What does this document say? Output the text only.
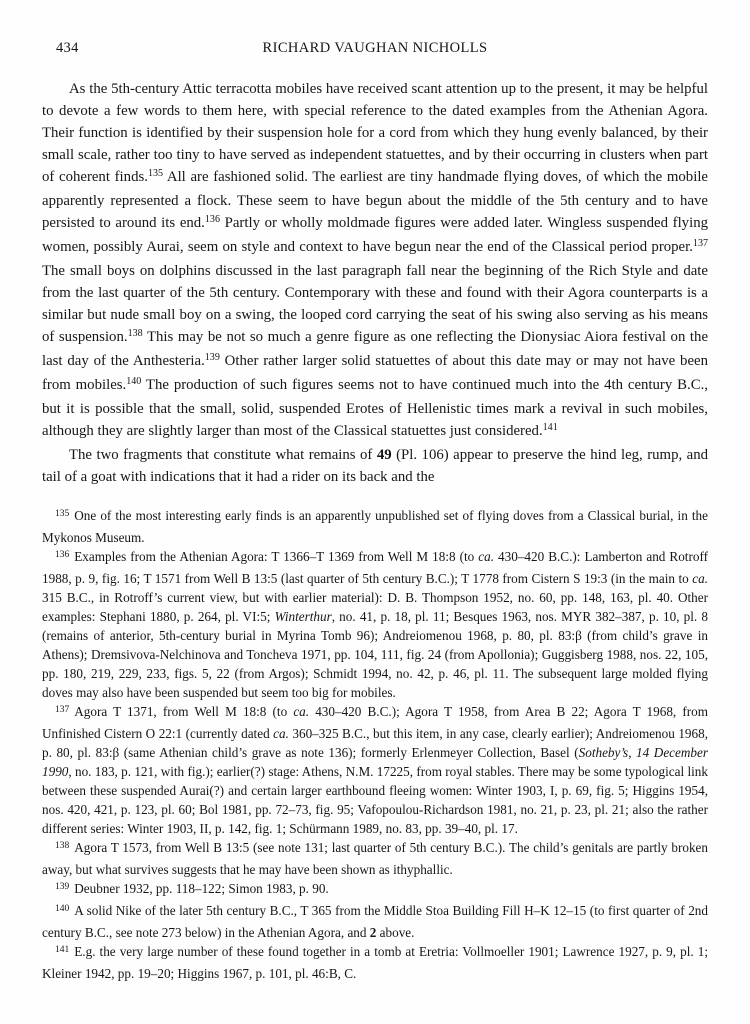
434	RICHARD VAUGHAN NICHOLLS

As the 5th-century Attic terracotta mobiles have received scant attention up to the present, it may be helpful to devote a few words to them here, with special reference to the dated examples from the Athenian Agora. Their function is identified by their suspension hole for a cord from which they hung evenly balanced, by their small scale, rather too tiny to have served as independent statuettes, and by their occurring in clusters when part of coherent finds.$^{135}$ All are fashioned solid. The earliest are tiny handmade flying doves, of which the mobile apparently represented a flock. These seem to have begun about the middle of the 5th century and to have persisted to around its end.$^{136}$ Partly or wholly moldmade figures were added later. Wingless suspended flying women, possibly Aurai, seem on style and context to have begun near the end of the Classical period proper.$^{137}$ The small boys on dolphins discussed in the last paragraph fall near the beginning of the Rich Style and date from the last quarter of the 5th century. Contemporary with these and found with their Agora counterparts is a similar but nude small boy on a swing, the looped cord carrying the seat of his swing also serving as his means of suspension.$^{138}$ This may be not so much a genre figure as one reflecting the Dionysiac Aiora festival on the last day of the Anthesteria.$^{139}$ Other rather larger solid statuettes of about this date may or may not have been from mobiles.$^{140}$ The production of such figures seems not to have continued much into the 4th century B.C., but it is possible that the small, solid, suspended Erotes of Hellenistic times mark a revival in such mobiles, although they are slightly larger than most of the Classical statuettes just considered.$^{141}$

The two fragments that constitute what remains of 49 (Pl. 106) appear to preserve the hind leg, rump, and tail of a goat with indications that it had a rider on its back and the

$^{135}$ One of the most interesting early finds is an apparently unpublished set of flying doves from a Classical burial, in the Mykonos Museum.

$^{136}$ Examples from the Athenian Agora: T 1366–T 1369 from Well M 18:8 (to ca. 430–420 B.C.): Lamberton and Rotroff 1988, p. 9, fig. 16; T 1571 from Well B 13:5 (last quarter of 5th century B.C.); T 1778 from Cistern S 19:3 (in the main to ca. 315 B.C., in Rotroff’s current view, but with earlier material): D. B. Thompson 1952, no. 60, pp. 148, 163, pl. 40. Other examples: Stephani 1880, p. 264, pl. VI:5; Winterthur, no. 41, p. 18, pl. 11; Besques 1963, nos. MYR 382–387, p. 10, pl. 8 (remains of anterior, 5th-century burial in Myrina Tomb 96); Andreiomenou 1968, p. 80, pl. 83:β (from child’s grave in Athens); Dremsivova-Nelchinova and Toncheva 1971, pp. 104, 111, fig. 24 (from Apollonia); Guggisberg 1988, nos. 22, 105, pp. 180, 219, 229, 233, figs. 5, 22 (from Argos); Schmidt 1994, no. 42, p. 46, pl. 11. The subsequent large molded flying doves may also have been suspended but seem too big for mobiles.

$^{137}$ Agora T 1371, from Well M 18:8 (to ca. 430–420 B.C.); Agora T 1958, from Area B 22; Agora T 1968, from Unfinished Cistern O 22:1 (currently dated ca. 360–325 B.C., but this item, in any case, clearly earlier); Andreiomenou 1968, p. 80, pl. 83:β (same Athenian child’s grave as note 136); formerly Erlenmeyer Collection, Basel (Sotheby’s, 14 December 1990, no. 183, p. 121, with fig.); earlier(?) stage: Athens, N.M. 17225, from royal stables. There may be some typological link between these suspended Aurai(?) and certain larger earthbound fleeing women: Winter 1903, I, p. 69, fig. 5; Higgins 1954, nos. 420, 421, p. 123, pl. 60; Bol 1981, pp. 72–73, fig. 95; Vafopoulou-Richardson 1981, no. 21, p. 23, pl. 21; also the rather different series: Winter 1903, II, p. 142, fig. 1; Schürmann 1989, no. 83, pp. 39–40, pl. 17.

$^{138}$ Agora T 1573, from Well B 13:5 (see note 131; last quarter of 5th century B.C.). The child’s genitals are partly broken away, but what survives suggests that he may have been shown as ithyphallic.

$^{139}$ Deubner 1932, pp. 118–122; Simon 1983, p. 90.

$^{140}$ A solid Nike of the later 5th century B.C., T 365 from the Middle Stoa Building Fill H–K 12–15 (to first quarter of 2nd century B.C., see note 273 below) in the Athenian Agora, and 2 above.

$^{141}$ E.g. the very large number of these found together in a tomb at Eretria: Vollmoeller 1901; Lawrence 1927, p. 9, pl. 1; Kleiner 1942, pp. 19–20; Higgins 1967, p. 101, pl. 46:B, C.
